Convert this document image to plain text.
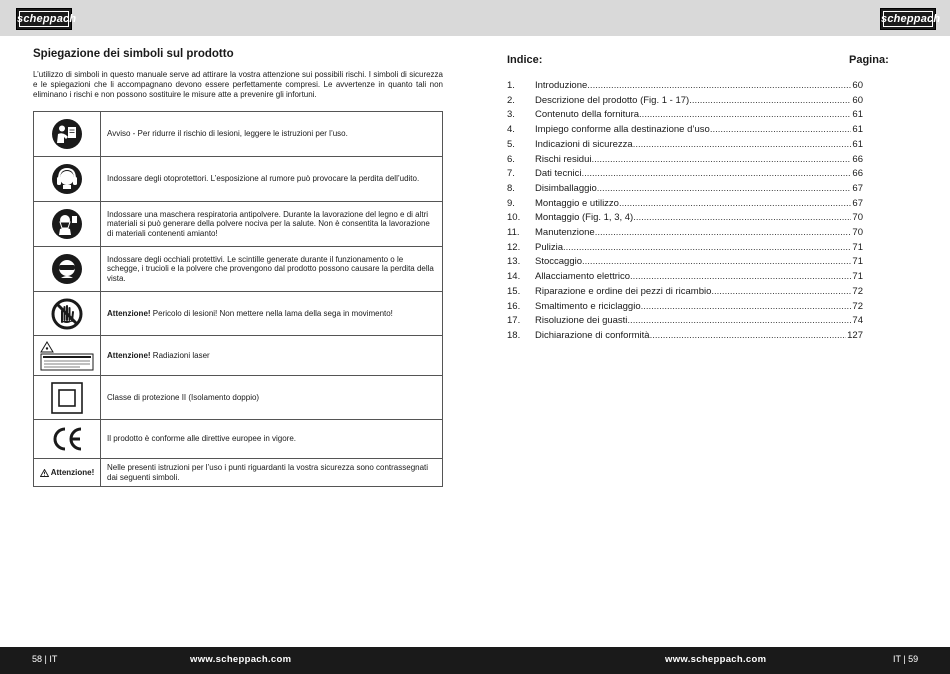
scheppach	scheppach
Spiegazione dei simboli sul prodotto
L’utilizzo di simboli in questo manuale serve ad attirare la vostra attenzione sui possibili rischi. I simboli di sicurezza e le spiegazioni che li accompagnano devono essere perfettamente compresi. Le avvertenze in quanto tali non eliminano i rischi e non possono sostituire le misure atte a prevenire gli infortuni.
	Avviso - Per ridurre il rischio di lesioni, leggere le istruzioni per l’uso.

	Indossare degli otoprotettori. L’esposizione al rumore può provocare la perdita dell’udito.

	Indossare una maschera respiratoria antipolvere. Durante la lavorazione del legno e di altri materiali si può generare della polvere nociva per la salute. Non è consentita la lavorazione di materiali contenenti amianto!

	Indossare degli occhiali protettivi. Le scintille generate durante il funzionamento o le schegge, i trucioli e la polvere che provengono dal prodotto possono causare la perdita della vista.

	Attenzione! Pericolo di lesioni! Non mettere nella lama della sega in movimento!

	Attenzione! Radiazioni laser

	Classe di protezione II (Isolamento doppio)

	Il prodotto è conforme alle direttive europee in vigore.

Attenzione!	Nelle presenti istruzioni per l’uso i punti riguardanti la vostra sicurezza sono contrassegnati dai seguenti simboli.
Indice:	Pagina:
1.	Introduzione .....	60
2.	Descrizione del prodotto (Fig. 1 - 17) .....	60
3.	Contenuto della fornitura .....	61
4.	Impiego conforme alla destinazione d’uso .....	61
5.	Indicazioni di sicurezza .....	61
6.	Rischi residui .....	66
7.	Dati tecnici .....	66
8.	Disimballaggio .....	67
9.	Montaggio e utilizzo .....	67
10.	Montaggio (Fig. 1, 3, 4) .....	70
11.	Manutenzione .....	70
12.	Pulizia .....	71
13.	Stoccaggio .....	71
14.	Allacciamento elettrico .....	71
15.	Riparazione e ordine dei pezzi di ricambio .....	72
16.	Smaltimento e riciclaggio .....	72
17.	Risoluzione dei guasti .....	74
18.	Dichiarazione di conformità .....	127
58 | IT	www.scheppach.com	www.scheppach.com	IT | 59
